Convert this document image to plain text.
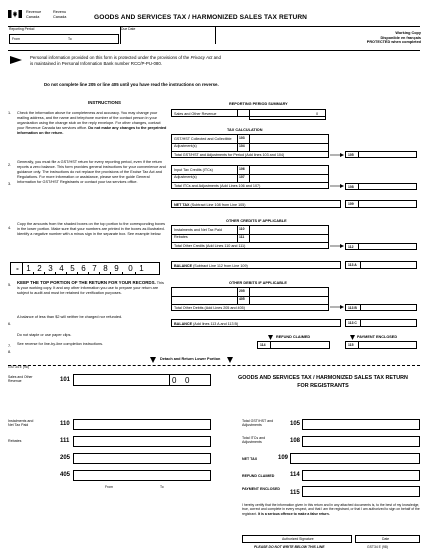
Revenue
Canada
Revenu
Canada	GOODS AND SERVICES TAX / HARMONIZED SALES TAX RETURN
Reporting Period
From	To
Due Date
Working Copy
Disponible en français
PROTECTED when completed
Personal information provided on this form is protected under the provisions of the Privacy Act and
is maintained in Personal Information Bank number RCC/P-PU-080.
Do not complete line 205 or line 405 until you have read the instructions on reverse.
INSTRUCTIONS
1. Check the information above for completeness and accuracy. You may change your mailing address, and the name and telephone number of the contact person in your organization using the change stub on the reply envelope. For other changes, contact your Revenue Canada tax services office. Do not make any changes to the preprinted information on the return.
2.
3.
Generally, you must file a GST/HST return for every reporting period, even if the return reports a zero balance. This form provides general instructions for your convenience and guidance only. The instructions do not replace the provisions of the Excise Tax Act and Regulations. For more information or assistance, please see the guide General Information for GST/HST Registrants or contact your tax services office.
4.
Copy the amounts from the shaded boxes on the top portion to the corresponding boxes in the lower portion. Make sure that your numbers are printed in the boxes as illustrated. Identify a negative number with a minus sign in the separate box. See example below.
- 1 2 3 4 5 6 7 8 9 0 1
5. KEEP THE TOP PORTION OF THE RETURN FOR YOUR RECORDS. This is your working copy. It and any other information you use to prepare your return are subject to audit and must be retained for verification purposes.
6.
A balance of less than $2 will neither be charged nor refunded.
Do not staple or use paper clips.
7. See reverse for line-by-line completion instructions.
8.
REPORTING PERIOD SUMMARY
Sales and Other Revenue	0
TAX CALCULATION
GST/HST Collected and Collectible 103
Adjustment(s)	104
Total GST/HST and Adjustments for Period (Add lines 103 and 104)	105
Input Tax Credits (ITCs)	106
Adjustment(s)	107
Total ITCs and Adjustments (Add Lines 106 and 107)	108
NET TAX (Subtract Line 108 from Line 105)	109
OTHER CREDITS IF APPLICABLE
Instalments and Net Tax Paid	110
Rebates	111
Total Other Credits (Add Lines 110 and 111)	112
BALANCE (Subtract Line 112 from Line 109)	113 A
OTHER DEBITS IF APPLICABLE
205
405
Total Other Debits (Add Lines 205 and 405)	113 B
BALANCE (Add lines 113 A and 113 B)	113 C
REFUND CLAIMED
114
PAYMENT ENCLOSED
115
Detach and Return Lower Portion
GST34 E (98)
Sales and Other Revenue	101	0 0	GOODS AND SERVICES TAX / HARMONIZED SALES TAX RETURN
FOR REGISTRANTS
Instalments and Net Tax Paid	110	Total GST/HST and Adjustments	105
Rebates	111	Total ITCs and Adjustments	108
205	NET TAX	109
405	REFUND CLAIMED	114
From	To	PAYMENT ENCLOSED
115
I hereby certify that the information given in this return and in any attached documents is, to the best of my knowledge, true, correct and complete in every respect, and that I am the registrant, or that I am authorized to sign on behalf of the registrant. It is a serious offence to make a false return.
Authorized Signature	Date
PLEASE DO NOT WRITE BELOW THIS LINE	GST34 E (98)
